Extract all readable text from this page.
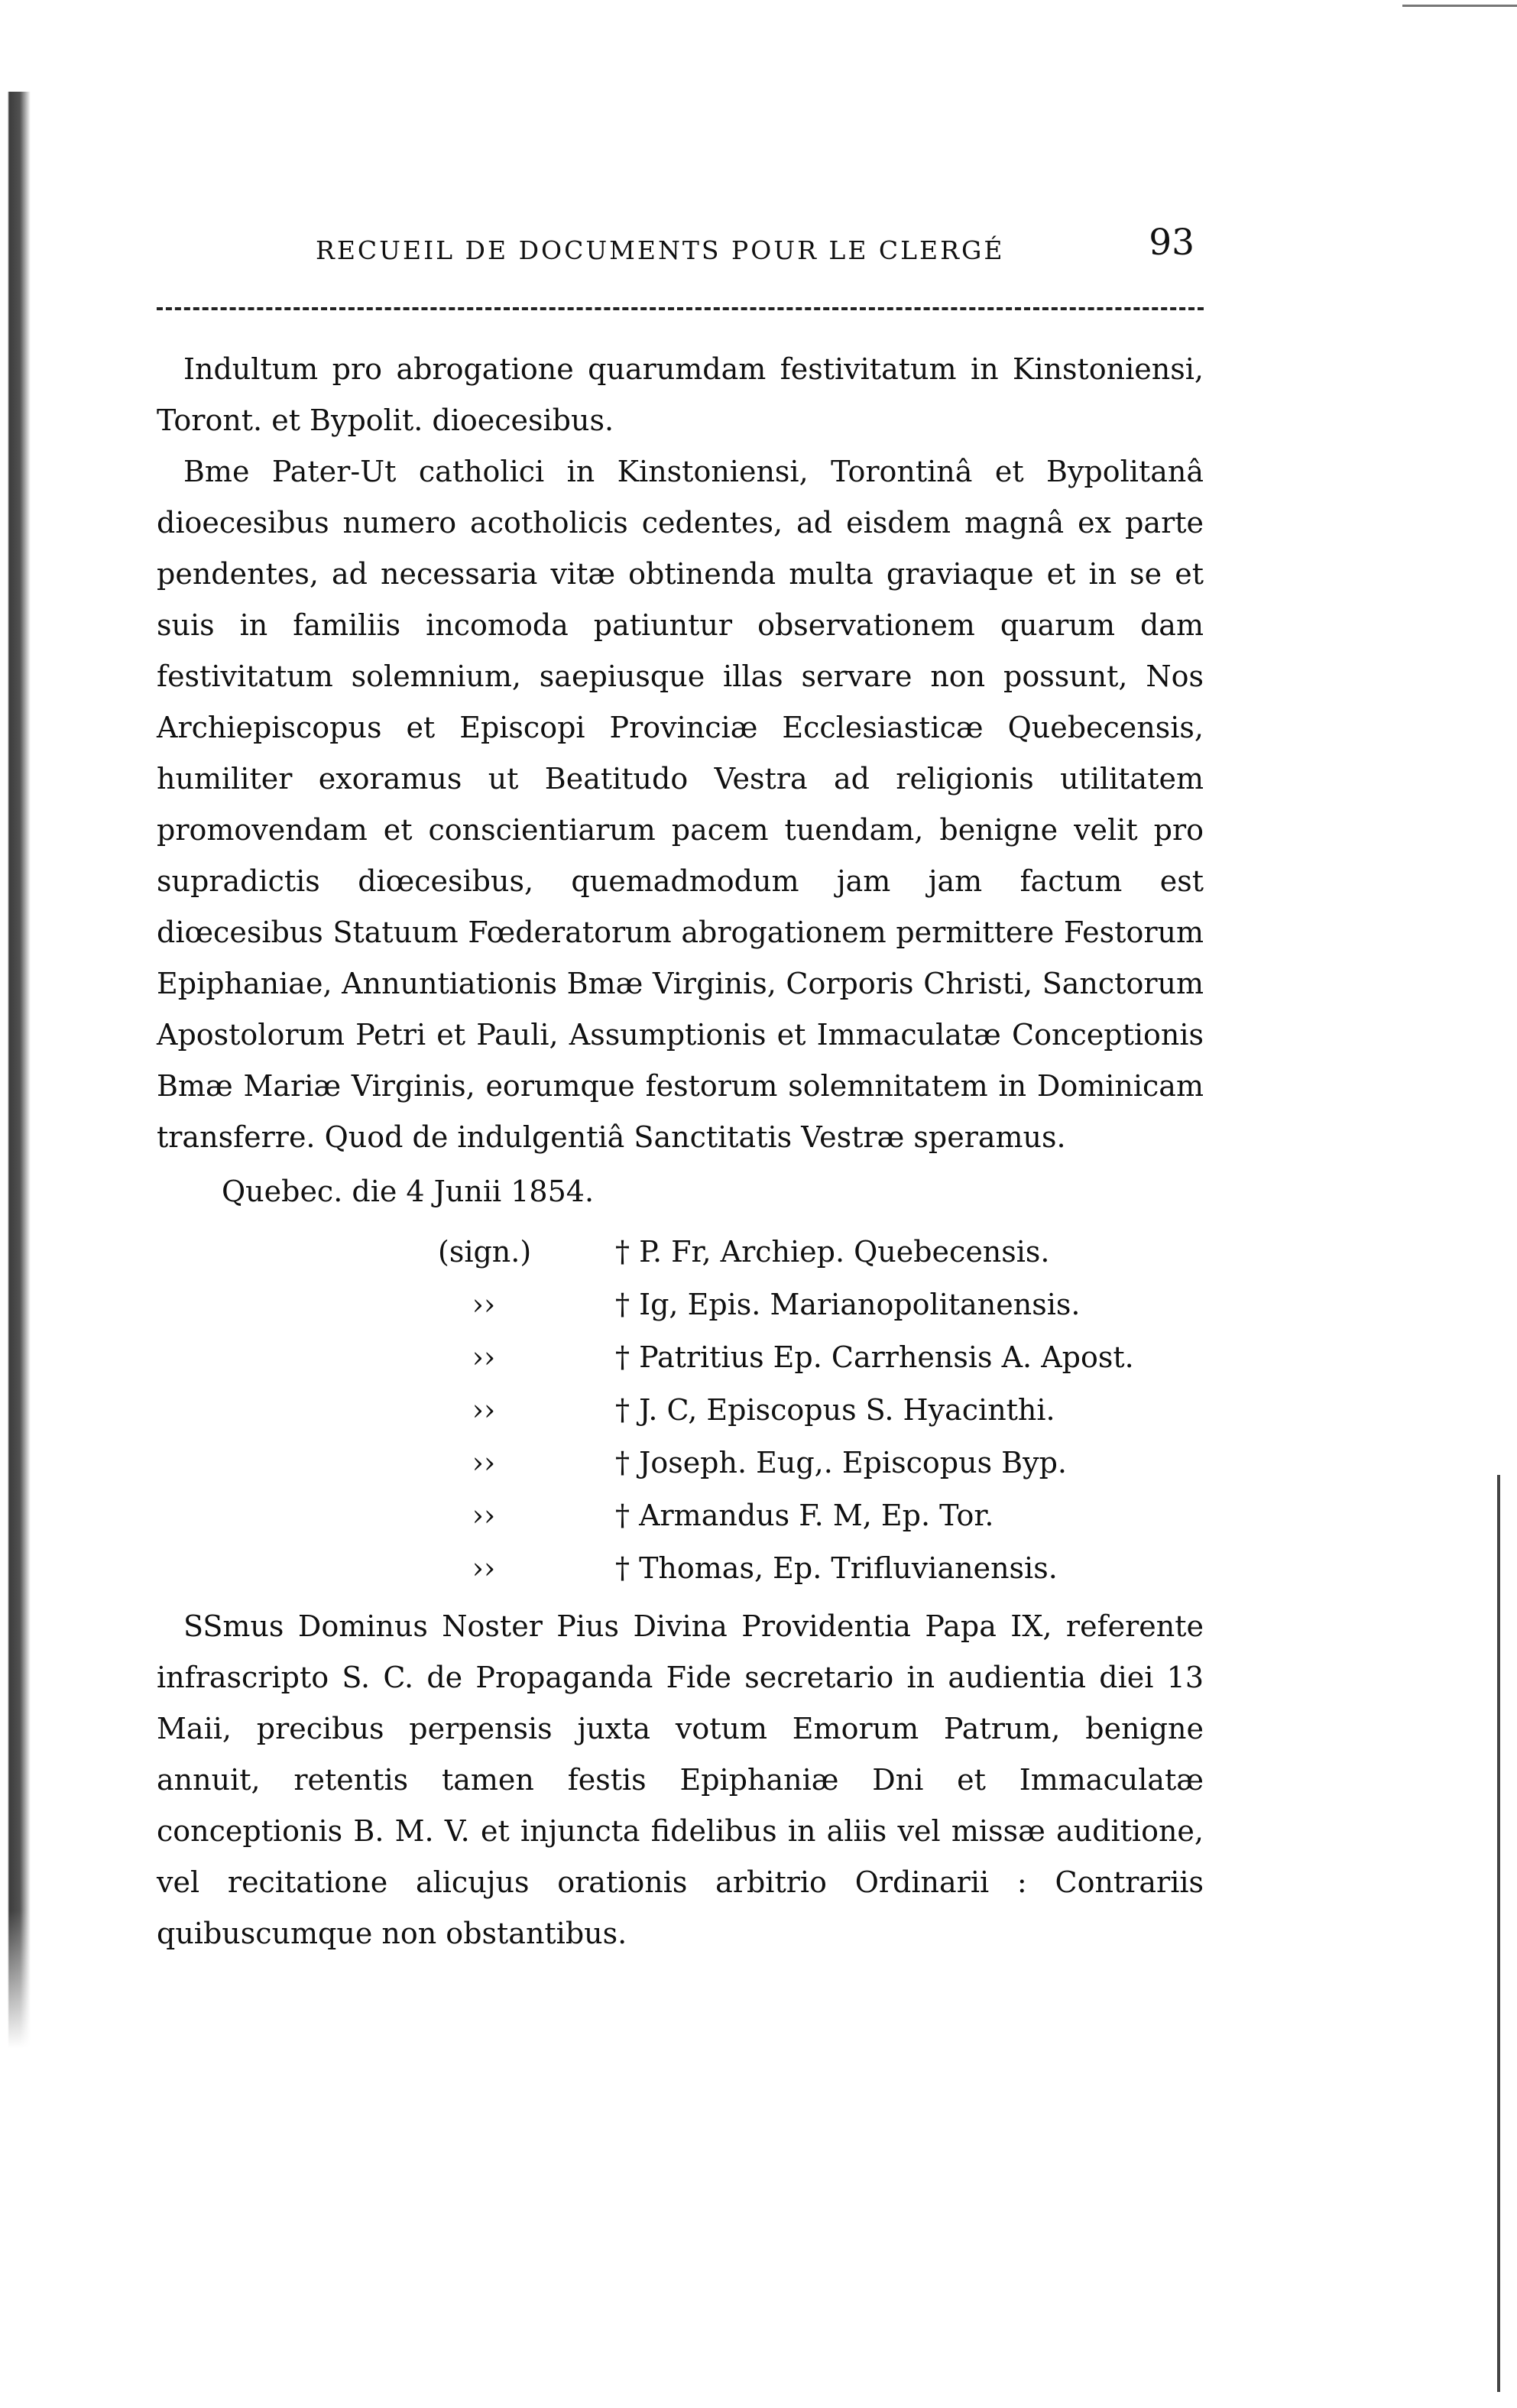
RECUEIL DE DOCUMENTS POUR LE CLERGÉ	93

Indultum pro abrogatione quarumdam festivitatum in Kinstoniensi, Toront. et Bypolit. dioecesibus.

Bme Pater-Ut catholici in Kinstoniensi, Torontinâ et Bypolitanâ dioecesibus numero acotholicis cedentes, ad eisdem magnâ ex parte pendentes, ad necessaria vitæ obtinenda multa graviaque et in se et suis in familiis incomoda patiuntur observationem quarum dam festivitatum solemnium, saepiusque illas servare non possunt, Nos Archiepiscopus et Episcopi Provinciæ Ecclesiasticæ Quebecensis, humiliter exoramus ut Beatitudo Vestra ad religionis utilitatem promovendam et conscientiarum pacem tuendam, benigne velit pro supradictis diœcesibus, quemadmodum jam jam factum est diœcesibus Statuum Fœderatorum abrogationem permittere Festorum Epiphaniae, Annuntiationis Bmæ Virginis, Corporis Christi, Sanctorum Apostolorum Petri et Pauli, Assumptionis et Immaculatæ Conceptionis Bmæ Mariæ Virginis, eorumque festorum solemnitatem in Dominicam transferre. Quod de indulgentiâ Sanctitatis Vestræ speramus.

Quebec. die 4 Junii 1854.

(sign.)	† P. Fr, Archiep. Quebecensis.
››	† Ig, Epis. Marianopolitanensis.
››	† Patritius Ep. Carrhensis A. Apost.
››	† J. C, Episcopus S. Hyacinthi.
››	† Joseph. Eug,. Episcopus Byp.
››	† Armandus F. M, Ep. Tor.
››	† Thomas, Ep. Trifluvianensis.

SSmus Dominus Noster Pius Divina Providentia Papa IX, referente infrascripto S. C. de Propaganda Fide secretario in audientia diei 13 Maii, precibus perpensis juxta votum Emorum Patrum, benigne annuit, retentis tamen festis Epiphaniæ Dni et Immaculatæ conceptionis B. M. V. et injuncta fidelibus in aliis vel missæ auditione, vel recitatione alicujus orationis arbitrio Ordinarii : Contrariis quibuscumque non obstantibus.
